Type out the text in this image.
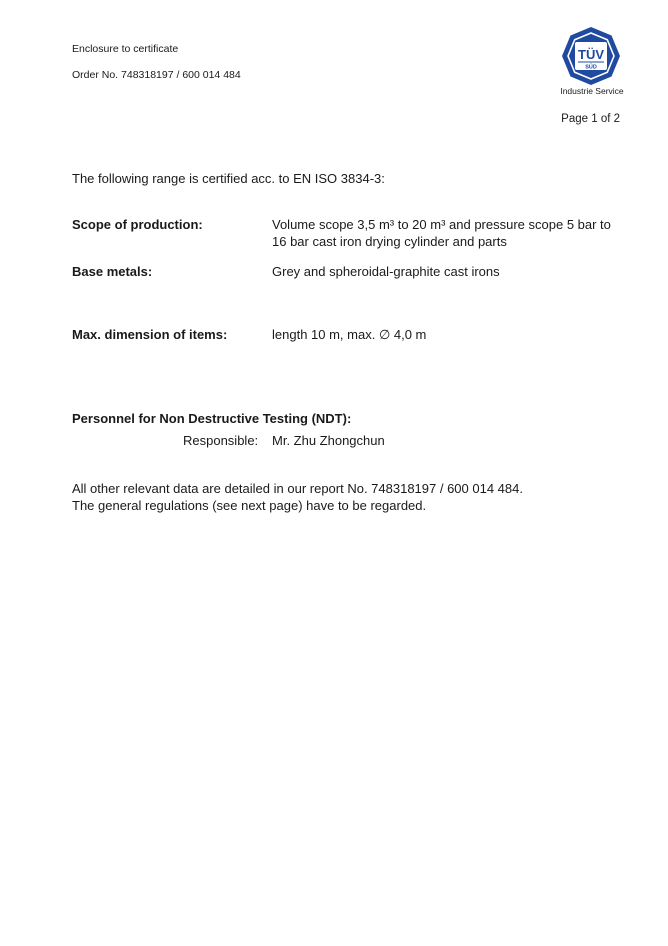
Enclosure to certificate
Order No. 748318197 / 600 014 484
TÜV
SÜD
Industrie Service
Page 1 of 2
The following range is certified acc. to EN ISO 3834-3:
Scope of production:	Volume scope 3,5 m³ to 20 m³ and pressure scope 5 bar to
16 bar cast iron drying cylinder and parts
Base metals:	Grey and spheroidal-graphite cast irons
Max. dimension of items:	length 10 m, max. ∅ 4,0 m
Personnel for Non Destructive Testing (NDT):
Responsible: Mr. Zhu Zhongchun
All other relevant data are detailed in our report No. 748318197 / 600 014 484.
The general regulations (see next page) have to be regarded.
